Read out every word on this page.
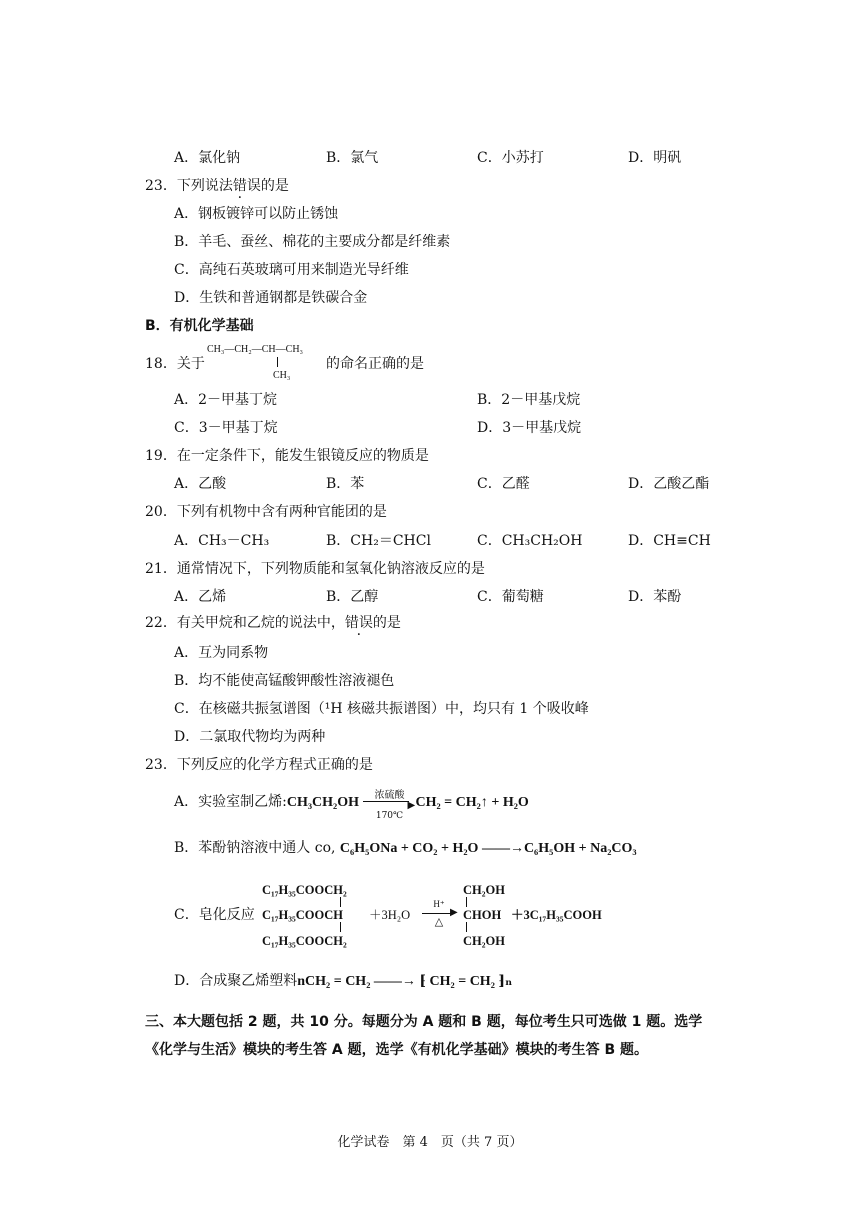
A．氯化钠	B．氯气	C．小苏打	D．明矾
23．下列说法错误的是
A．钢板镀锌可以防止锈蚀
B．羊毛、蚕丝、棉花的主要成分都是纤维素
C．高纯石英玻璃可用来制造光导纤维
D．生铁和普通钢都是铁碳合金
B．有机化学基础
18．关于
CH₃—CH₂—CH—CH₃
CH₃
的命名正确的是
A．2－甲基丁烷	B．2－甲基戊烷
C．3－甲基丁烷	D．3－甲基戊烷
19．在一定条件下，能发生银镜反应的物质是
A．乙酸	B．苯	C．乙醛	D．乙酸乙酯
20．下列有机物中含有两种官能团的是
A．CH₃－CH₃	B．CH₂＝CHCl	C．CH₃CH₂OH	D．CH≡CH
21．通常情况下，下列物质能和氢氧化钠溶液反应的是
A．乙烯	B．乙醇	C．葡萄糖	D．苯酚
22．有关甲烷和乙烷的说法中，错误的是
A．互为同系物
B．均不能使高锰酸钾酸性溶液褪色
C．在核磁共振氢谱图（¹H 核磁共振谱图）中，均只有 1 个吸收峰
D．二氯取代物均为两种
23．下列反应的化学方程式正确的是
A．实验室制乙烯:CH₃CH₂OH	浓硫酸
▶
170℃
CH₂ = CH₂↑ + H₂O
B．苯酚钠溶液中通人 co, C₆H₅ONa + CO₂ + H₂O ——→C₆H₅OH + Na₂CO₃
C．皂化反应
C₁₇H₃₅COOCH₂
C₁₇H₃₅COOCH
C₁₇H₃₅COOCH₂
＋3H₂O
H⁺
▶
△
CH₂OH
CHOH
CH₂OH
＋3C₁₇H₃₅COOH
D．合成聚乙烯塑料nCH₂ = CH₂ ——→ ⁅ CH₂ = CH₂ ⁆ₙ
三、本大题包括 2 题，共 10 分。每题分为 A 题和 B 题，每位考生只可选做 1 题。选学
《化学与生活》模块的考生答 A 题，选学《有机化学基础》模块的考生答 B 题。
化学试卷　第 4　页（共 7 页）
